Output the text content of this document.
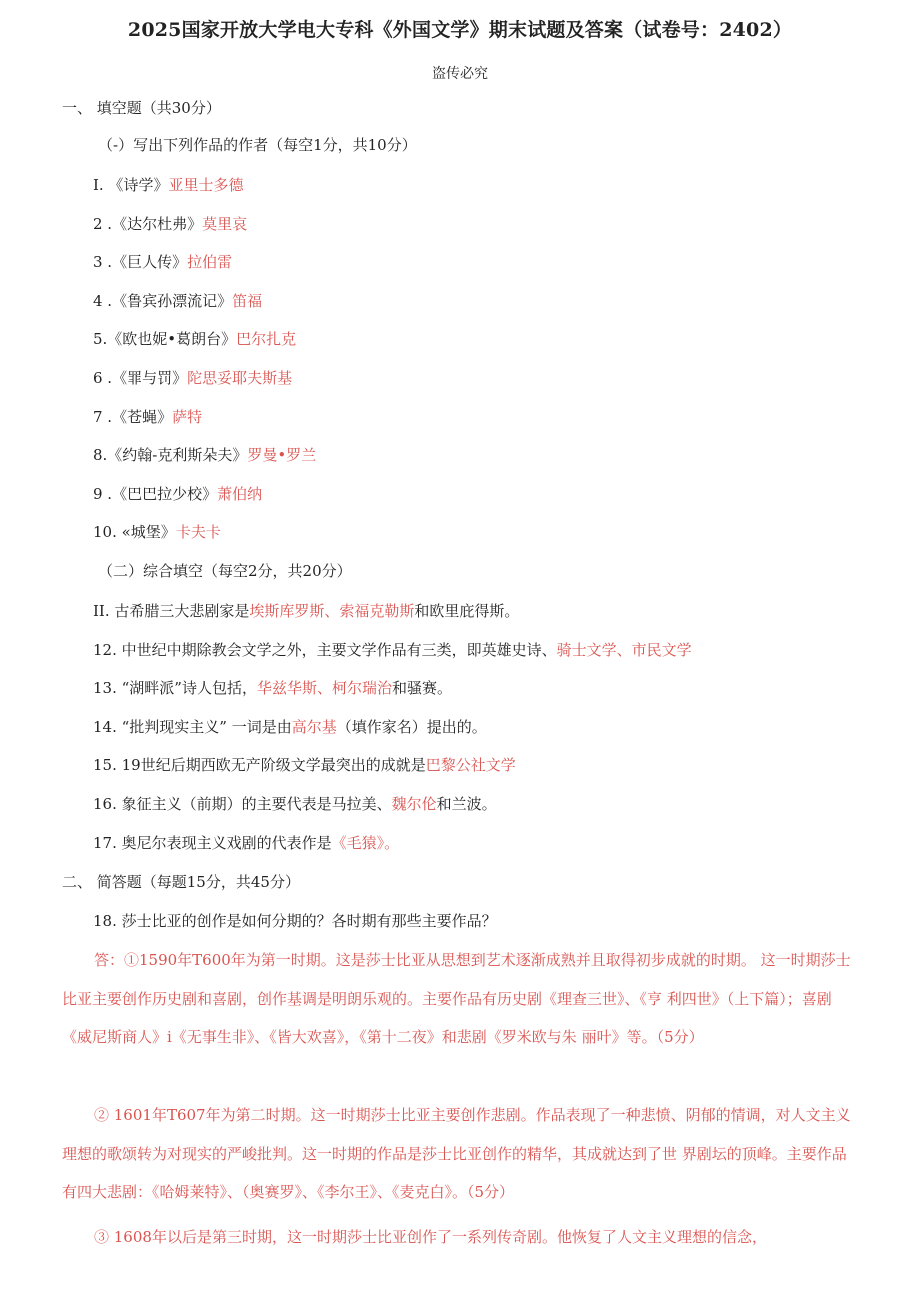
2025国家开放大学电大专科《外国文学》期末试题及答案（试卷号：2402）
盗传必究
一、 填空题（共30分）
（-）写出下列作品的作者（每空1分，共10分）
I. 《诗学》亚里士多德
2 .《达尔杜弗》莫里哀
3 .《巨人传》拉伯雷
4 .《鲁宾孙漂流记》笛福
5.《欧也妮•葛朗台》巴尔扎克
6 .《罪与罚》陀思妥耶夫斯基
7 .《苍蝇》萨特
8.《约翰-克利斯朵夫》罗曼•罗兰
9 .《巴巴拉少校》萧伯纳
10. «城堡》卡夫卡
（二）综合填空（每空2分，共20分）
II. 古希腊三大悲剧家是埃斯库罗斯、索福克勒斯和欧里庇得斯。
12. 中世纪中期除教会文学之外，主要文学作品有三类，即英雄史诗、骑士文学、市民文学
13. “湖畔派”诗人包括，华兹华斯、柯尔瑞治和骚赛。
14. “批判现实主义” 一词是由高尔基（填作家名）提出的。
15. 19世纪后期西欧无产阶级文学最突出的成就是巴黎公社文学
16. 象征主义（前期）的主要代表是马拉美、魏尔伦和兰波。
17. 奥尼尔表现主义戏剧的代表作是《毛猿》。
二、 简答题（每题15分，共45分）
18. 莎士比亚的创作是如何分期的？各时期有那些主要作品？
答：①1590年T600年为第一时期。这是莎士比亚从思想到艺术逐渐成熟并且取得初步成就的时期。 这一时期莎士比亚主要创作历史剧和喜剧，创作基调是明朗乐观的。主要作品有历史剧《理查三世》、《亨 利四世》（上下篇）；喜剧《威尼斯商人》i《无事生非》、《皆大欢喜》，《第十二夜》和悲剧《罗米欧与朱 丽叶》等。（5分）
② 1601年T607年为第二时期。这一时期莎士比亚主要创作悲剧。作品表现了一种悲愤、阴郁的情调，对人文主义理想的歌颂转为对现实的严峻批判。这一时期的作品是莎士比亚创作的精华，其成就达到了世 界剧坛的顶峰。主要作品有四大悲剧：《哈姆莱特》、（奥赛罗》、《李尔王》、《麦克白》。（5分）
③ 1608年以后是第三时期，这一时期莎士比亚创作了一系列传奇剧。他恢复了人文主义理想的信念，
